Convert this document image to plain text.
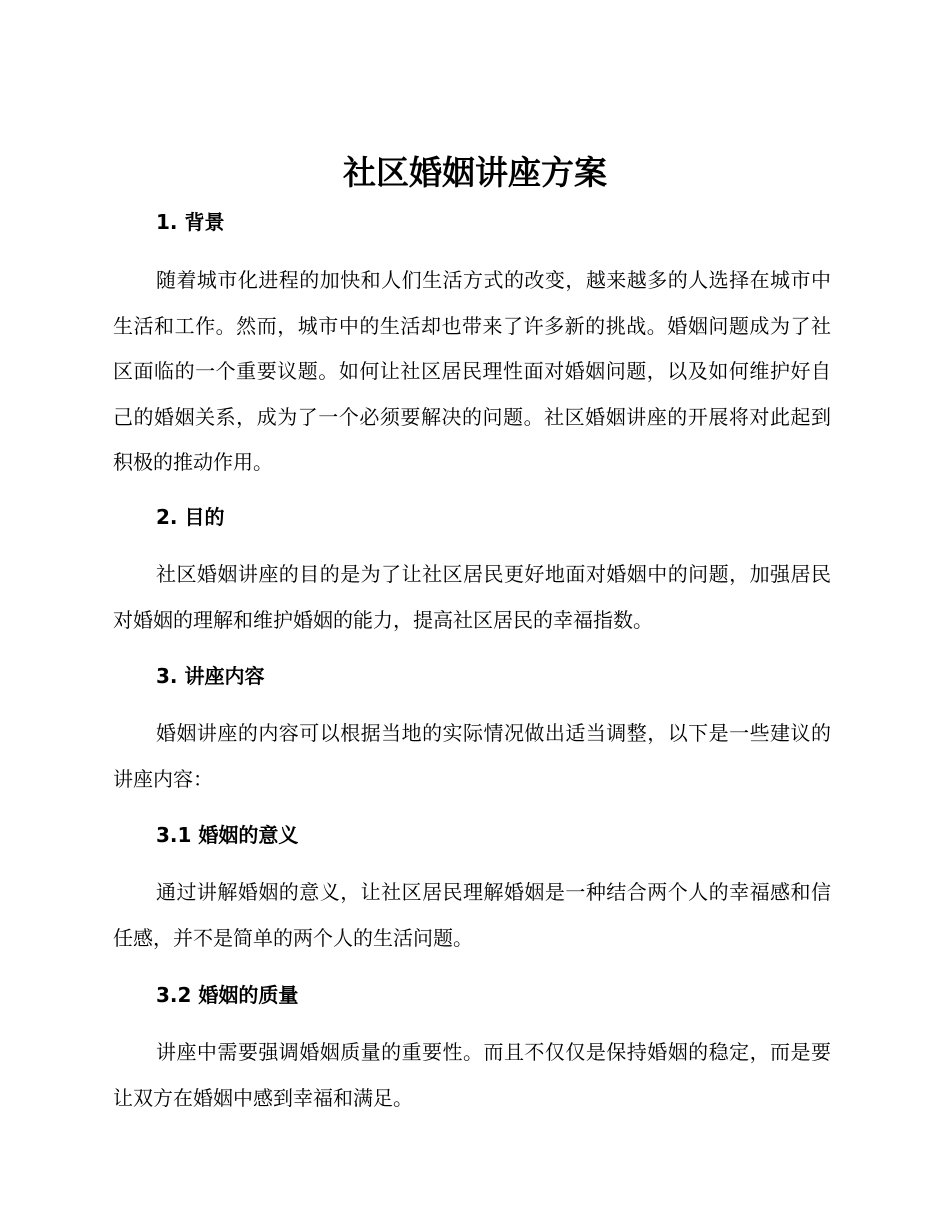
社区婚姻讲座方案
1. 背景

随着城市化进程的加快和人们生活方式的改变，越来越多的人选择在城市中生活和工作。然而，城市中的生活却也带来了许多新的挑战。婚姻问题成为了社区面临的一个重要议题。如何让社区居民理性面对婚姻问题，以及如何维护好自己的婚姻关系，成为了一个必须要解决的问题。社区婚姻讲座的开展将对此起到积极的推动作用。

2. 目的

社区婚姻讲座的目的是为了让社区居民更好地面对婚姻中的问题，加强居民对婚姻的理解和维护婚姻的能力，提高社区居民的幸福指数。

3. 讲座内容

婚姻讲座的内容可以根据当地的实际情况做出适当调整，以下是一些建议的讲座内容：

3.1 婚姻的意义

通过讲解婚姻的意义，让社区居民理解婚姻是一种结合两个人的幸福感和信任感，并不是简单的两个人的生活问题。

3.2 婚姻的质量

讲座中需要强调婚姻质量的重要性。而且不仅仅是保持婚姻的稳定，而是要让双方在婚姻中感到幸福和满足。
